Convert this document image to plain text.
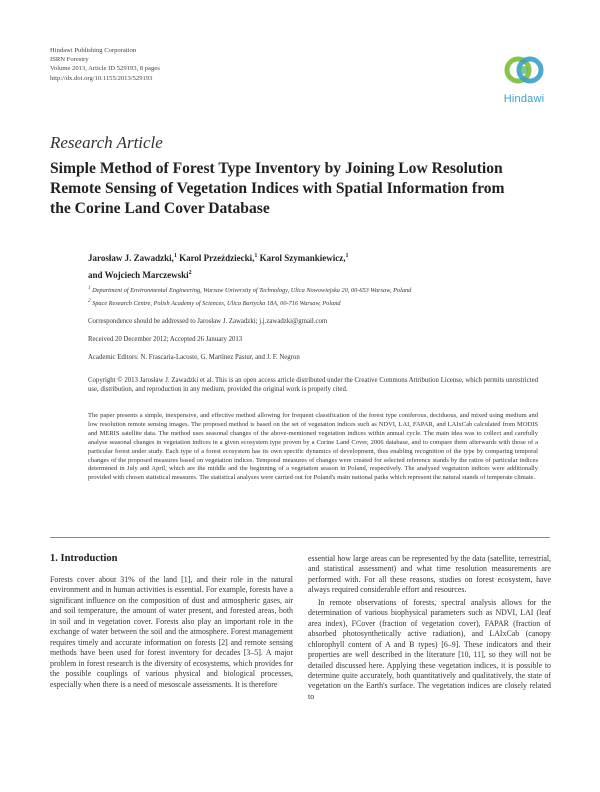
Hindawi Publishing Corporation
ISRN Forestry
Volume 2013, Article ID 529193, 8 pages
http://dx.doi.org/10.1155/2013/529193
Hindawi
Research Article
Simple Method of Forest Type Inventory by Joining Low Resolution Remote Sensing of Vegetation Indices with Spatial Information from the Corine Land Cover Database
Jarosław J. Zawadzki,$^1$ Karol Przeździecki,$^1$ Karol Szymankiewicz,$^1$
and Wojciech Marczewski$^2$
$^1$ Department of Environmental Engineering, Warsaw University of Technology, Ulica Nowowiejska 20, 00-653 Warsaw, Poland
$^2$ Space Research Centre, Polish Academy of Sciences, Ulica Bartycka 18A, 00-716 Warsaw, Poland
Correspondence should be addressed to Jarosław J. Zawadzki; j.j.zawadzki@gmail.com
Received 20 December 2012; Accepted 26 January 2013
Academic Editors: N. Frascaria-Lacoste, G. Martínez Pastur, and J. F. Negron
Copyright © 2013 Jarosław J. Zawadzki et al. This is an open access article distributed under the Creative Commons Attribution License, which permits unrestricted use, distribution, and reproduction in any medium, provided the original work is properly cited.
The paper presents a simple, inexpensive, and effective method allowing for frequent classification of the forest type coniferous, deciduous, and mixed using medium and low resolution remote sensing images. The proposed method is based on the set of vegetation indices such as NDVI, LAI, FAPAR, and LAIxCab calculated from MODIS and MERIS satellite data. The method uses seasonal changes of the above-mentioned vegetation indices within annual cycle. The main idea was to collect and carefully analyse seasonal changes in vegetation indices in a given ecosystem type proven by a Corine Land Cover, 2006 database, and to compare them afterwards with those of a particular forest under study. Each type of a forest ecosystem has its own specific dynamics of development, thus enabling recognition of the type by comparing temporal changes of the proposed measures based on vegetation indices. Temporal measures of changes were created for selected reference stands by the ratios of particular indices determined in July and April, which are the middle and the beginning of a vegetation season in Poland, respectively. The analysed vegetation indices were additionally provided with chosen statistical measures. The statistical analyses were carried out for Poland's main national parks which represent the natural stands of temperate climate.
1. Introduction

Forests cover about 31% of the land [1], and their role in the natural environment and in human activities is essential. For example, forests have a significant influence on the composition of dust and atmospheric gases, air and soil temperature, the amount of water present, and forested areas, both in soil and in vegetation cover. Forests also play an important role in the exchange of water between the soil and the atmosphere. Forest management requires timely and accurate information on forests [2] and remote sensing methods have been used for forest inventory for decades [3–5]. A major problem in forest research is the diversity of ecosystems, which provides for the possible couplings of various physical and biological processes, especially when there is a need of mesoscale assessments. It is therefore

essential how large areas can be represented by the data (satellite, terrestrial, and statistical assessment) and what time resolution measurements are performed with. For all these reasons, studies on forest ecosystem, have always required considerable effort and resources.

In remote observations of forests, spectral analysis allows for the determination of various biophysical parameters such as NDVI, LAI (leaf area index), FCover (fraction of vegetation cover), FAPAR (fraction of absorbed photosynthetically active radiation), and LAIxCab (canopy chlorophyll content of A and B types) [6–9]. These indicators and their properties are well described in the literature [10, 11], so they will not be detailed discussed here. Applying these vegetation indices, it is possible to determine quite accurately, both quantitatively and qualitatively, the state of vegetation on the Earth's surface. The vegetation indices are closely related to
